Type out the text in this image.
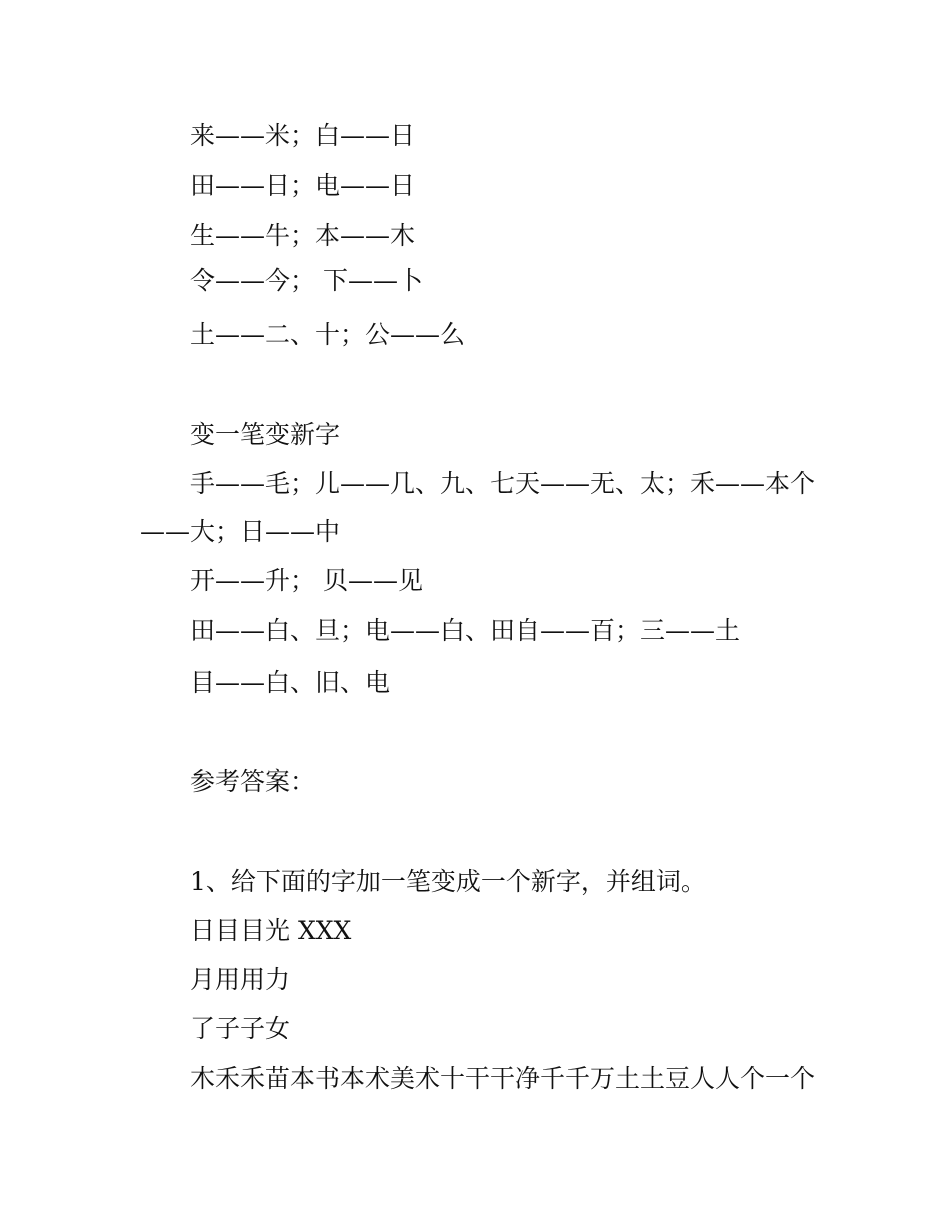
来——米；白——日
田——日；电——日
生——牛；本——木
令——今； 下——卜
土——二、十；公——么
变一笔变新字
手——毛；儿——几、九、七天——无、太；禾——本个
——大；日——中
开——升； 贝——见
田——白、旦；电——白、田自——百；三——土
目——白、旧、电
参考答案：
1、给下面的字加一笔变成一个新字，并组词。
日目目光 XXX
月用用力
了子子女
木禾禾苗本书本术美术十干干净千千万土土豆人人个一个
